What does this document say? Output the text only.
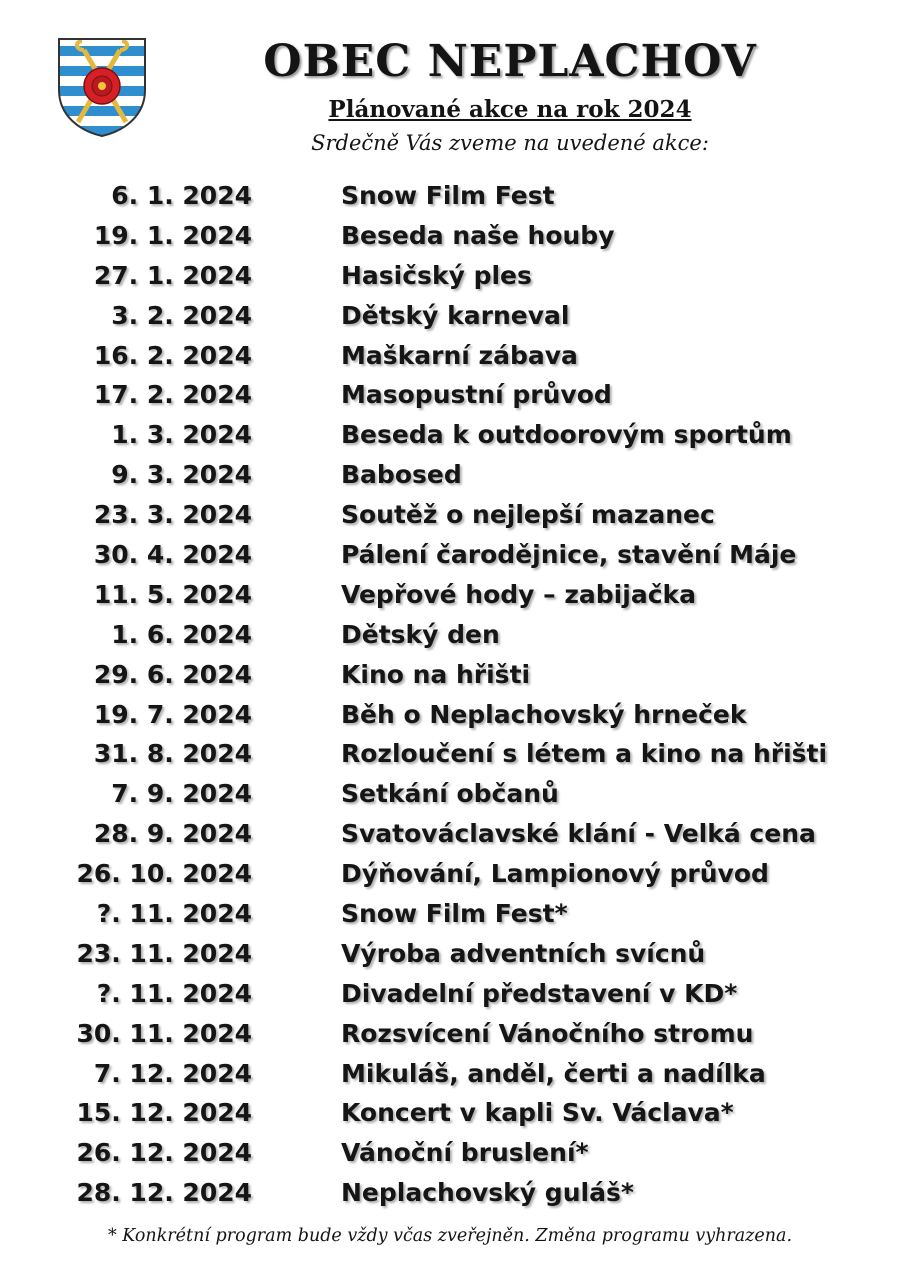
OBEC NEPLACHOV
Plánované akce na rok 2024
Srdečně Vás zveme na uvedené akce:
6. 1. 2024	Snow Film Fest
19. 1. 2024	Beseda naše houby
27. 1. 2024	Hasičský ples
3. 2. 2024	Dětský karneval
16. 2. 2024	Maškarní zábava
17. 2. 2024	Masopustní průvod
1. 3. 2024	Beseda k outdoorovým sportům
9. 3. 2024	Babosed
23. 3. 2024	Soutěž o nejlepší mazanec
30. 4. 2024	Pálení čarodějnice, stavění Máje
11. 5. 2024	Vepřové hody – zabijačka
1. 6. 2024	Dětský den
29. 6. 2024	Kino na hřišti
19. 7. 2024	Běh o Neplachovský hrneček
31. 8. 2024	Rozloučení s létem a kino na hřišti
7. 9. 2024	Setkání občanů
28. 9. 2024	Svatováclavské klání - Velká cena
26. 10. 2024	Dýňování, Lampionový průvod
?. 11. 2024	Snow Film Fest*
23. 11. 2024	Výroba adventních svícnů
?. 11. 2024	Divadelní představení v KD*
30. 11. 2024	Rozsvícení Vánočního stromu
7. 12. 2024	Mikuláš, anděl, čerti a nadílka
15. 12. 2024	Koncert v kapli Sv. Václava*
26. 12. 2024	Vánoční bruslení*
28. 12. 2024	Neplachovský guláš*
* Konkrétní program bude vždy včas zveřejněn. Změna programu vyhrazena.
